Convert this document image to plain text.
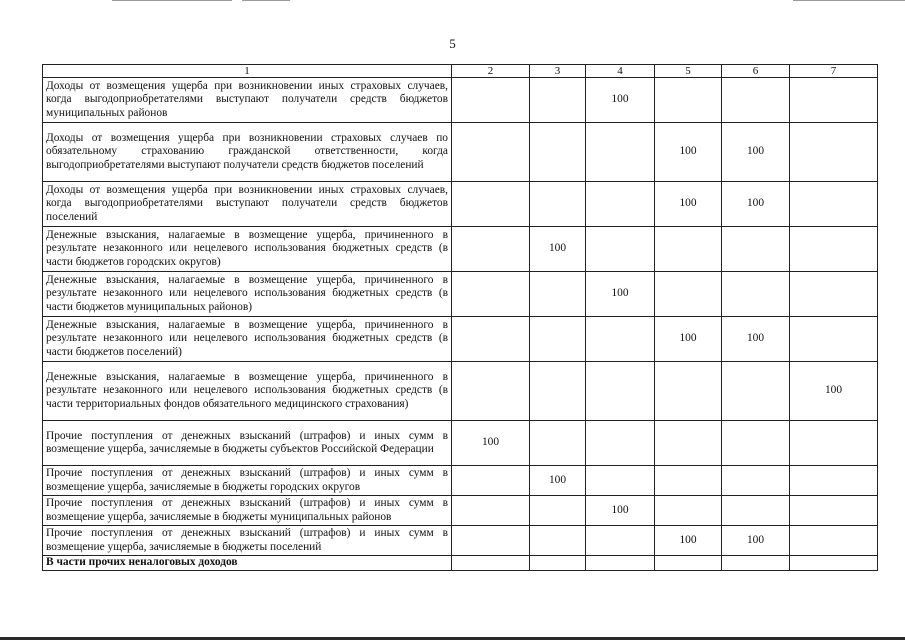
5
1	2	3	4	5	6	7
Доходы от возмещения ущерба при возникновении иных страховых случаев, когда выгодоприобретателями выступают получатели средств бюджетов муниципальных районов			100			
Доходы от возмещения ущерба при возникновении страховых случаев по обязательному страхованию гражданской ответственности, когда выгодоприобретателями выступают получатели средств бюджетов поселений				100	100	
Доходы от возмещения ущерба при возникновении иных страховых случаев, когда выгодоприобретателями выступают получатели средств бюджетов поселений				100	100	
Денежные взыскания, налагаемые в возмещение ущерба, причиненного в результате незаконного или нецелевого использования бюджетных средств (в части бюджетов городских округов)		100				
Денежные взыскания, налагаемые в возмещение ущерба, причиненного в результате незаконного или нецелевого использования бюджетных средств (в части бюджетов муниципальных районов)			100			
Денежные взыскания, налагаемые в возмещение ущерба, причиненного в результате незаконного или нецелевого использования бюджетных средств (в части бюджетов поселений)				100	100	
Денежные взыскания, налагаемые в возмещение ущерба, причиненного в результате незаконного или нецелевого использования бюджетных средств (в части территориальных фондов обязательного медицинского страхования)						100
Прочие поступления от денежных взысканий (штрафов) и иных сумм в возмещение ущерба, зачисляемые в бюджеты субъектов Российской Федерации	100					
Прочие поступления от денежных взысканий (штрафов) и иных сумм в возмещение ущерба, зачисляемые в бюджеты городских округов		100				
Прочие поступления от денежных взысканий (штрафов) и иных сумм в возмещение ущерба, зачисляемые в бюджеты муниципальных районов			100			
Прочие поступления от денежных взысканий (штрафов) и иных сумм в возмещение ущерба, зачисляемые в бюджеты поселений				100	100	
В части прочих неналоговых доходов						
